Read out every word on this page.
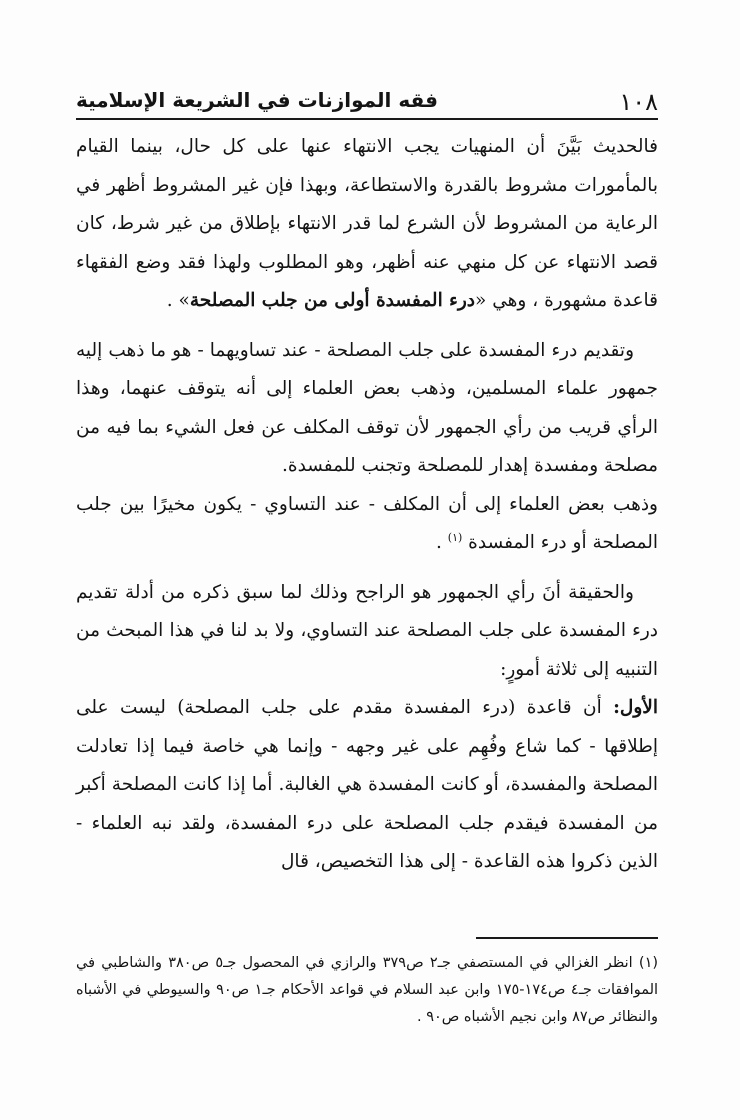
١٠٨
فقه الموازنات في الشريعة الإسلامية

فالحديث بَيَّنَ أن المنهيات يجب الانتهاء عنها على كل حال، بينما القيام بالمأمورات مشروط بالقدرة والاستطاعة، وبهذا فإن غير المشروط أظهر في الرعاية من المشروط لأن الشرع لما قدر الانتهاء بإطلاق من غير شرط، كان قصد الانتهاء عن كل منهي عنه أظهر، وهو المطلوب ولهذا فقد وضع الفقهاء قاعدة مشهورة ، وهي «درء المفسدة أولى من جلب المصلحة» .

وتقديم درء المفسدة على جلب المصلحة - عند تساويهما - هو ما ذهب إليه جمهور علماء المسلمين، وذهب بعض العلماء إلى أنه يتوقف عنهما، وهذا الرأي قريب من رأي الجمهور لأن توقف المكلف عن فعل الشيء بما فيه من مصلحة ومفسدة إهدار للمصلحة وتجنب للمفسدة.

وذهب بعض العلماء إلى أن المكلف - عند التساوي - يكون مخيرًا بين جلب المصلحة أو درء المفسدة $^{(١)}$ .

والحقيقة أنَ رأي الجمهور هو الراجح وذلك لما سبق ذكره من أدلة تقديم درء المفسدة على جلب المصلحة عند التساوي، ولا بد لنا في هذا المبحث من التنبيه إلى ثلاثة أمورٍ:

الأول: أن قاعدة (درء المفسدة مقدم على جلب المصلحة) ليست على إطلاقها - كما شاع وفُهِم على غير وجهه - وإنما هي خاصة فيما إذا تعادلت المصلحة والمفسدة، أو كانت المفسدة هي الغالبة. أما إذا كانت المصلحة أكبر من المفسدة فيقدم جلب المصلحة على درء المفسدة، ولقد نبه العلماء - الذين ذكروا هذه القاعدة - إلى هذا التخصيص، قال

(١) انظر الغزالي في المستصفي جـ٢ ص٣٧٩ والرازي في المحصول جـ٥ ص٣٨٠ والشاطبي في الموافقات جـ٤ ص١٧٤-١٧٥ وابن عبد السلام في قواعد الأحكام جـ١ ص٩٠ والسيوطي في الأشباه والنظائر ص٨٧ وابن نجيم الأشباه ص٩٠ .
